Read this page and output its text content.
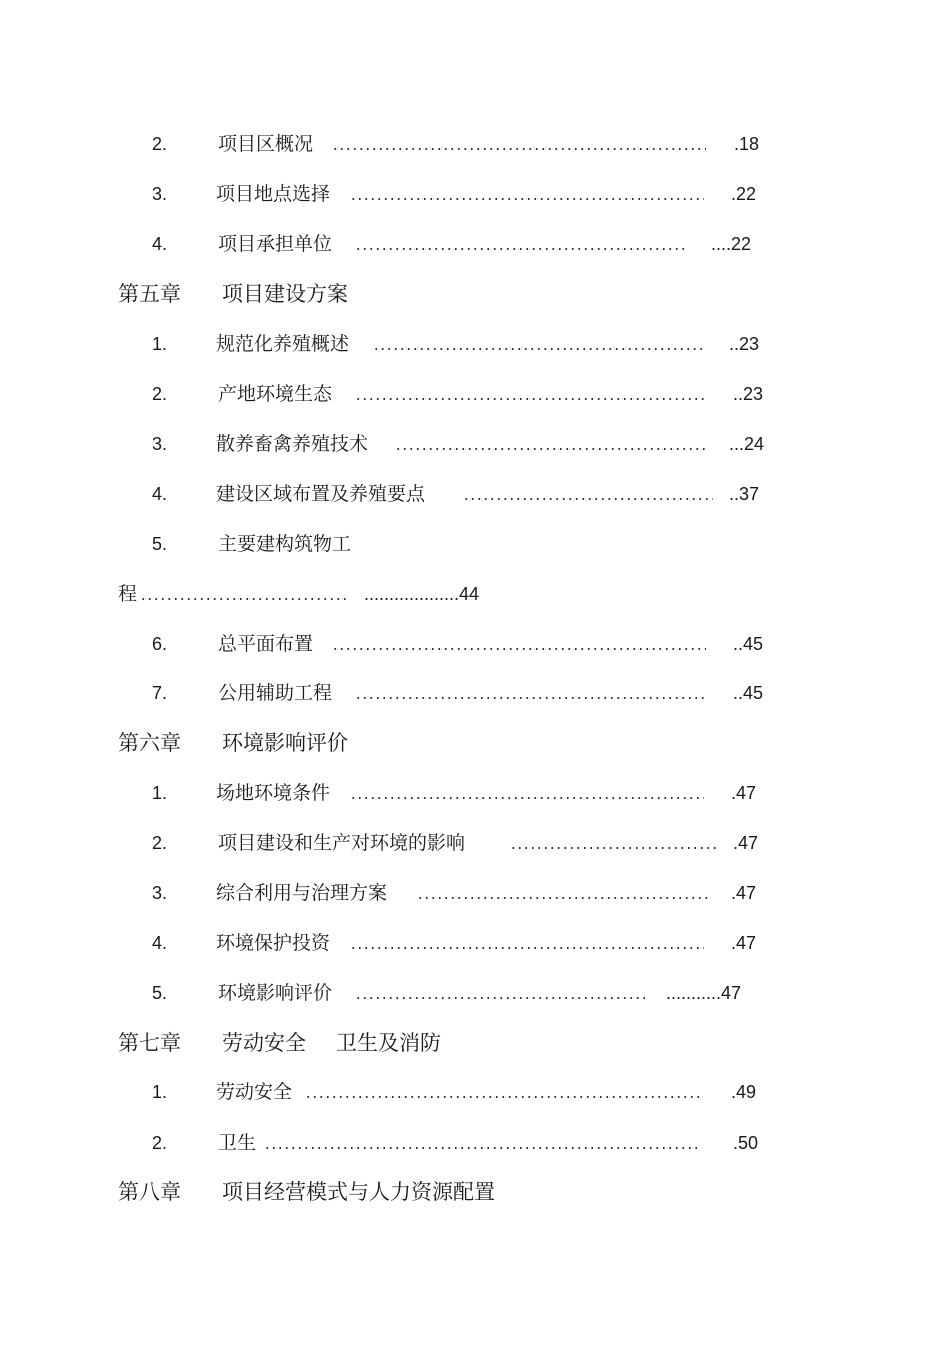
2.	项目区概况	.18
3.	项目地点选择	.22
4.	项目承担单位	....22
第五章 项目建设方案
1.	规范化养殖概述	..23
2.	产地环境生态	..23
3.	散养畜禽养殖技术	...24
4.	建设区域布置及养殖要点	..37
5.	主要建构筑物工
程	...................44
6.	总平面布置	..45
7.	公用辅助工程	..45
第六章 环境影响评价
1.	场地环境条件	.47
2.	项目建设和生产对环境的影响	.47
3.	综合利用与治理方案	.47
4.	环境保护投资	.47
5.	环境影响评价	...........47
第七章 劳动安全 卫生及消防
1.	劳动安全	.49
2.	卫生	.50
第八章 项目经营模式与人力资源配置
